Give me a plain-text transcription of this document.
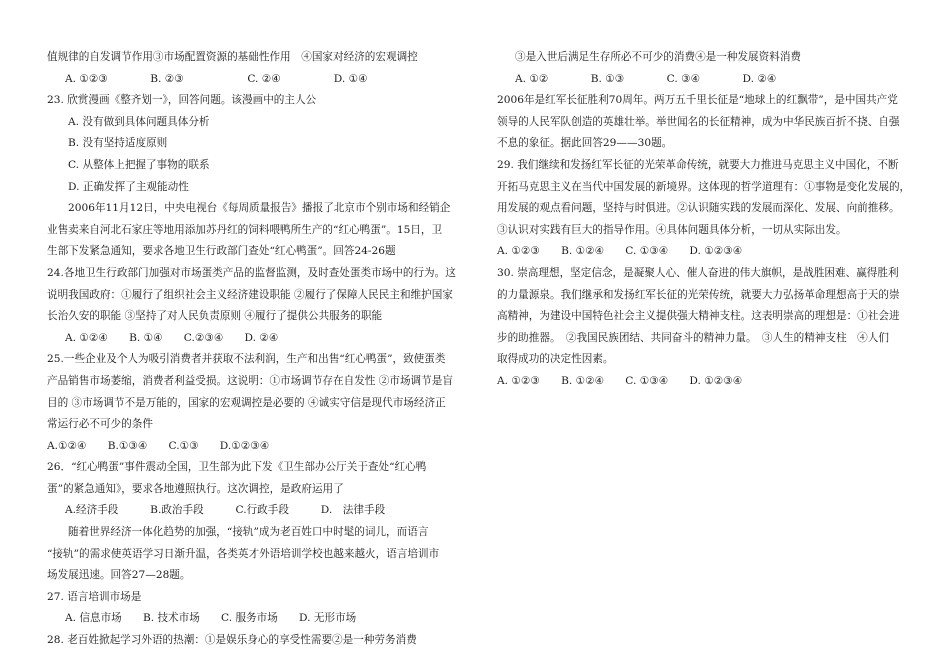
值规律的自发调节作用③市场配置资源的基础性作用　④国家对经济的宏观调控
A. ①②③　　　　B. ②③　　　　　　C. ②④　　　　　D. ①④
23. 欣赏漫画《整齐划一》，回答问题。该漫画中的主人公
A. 没有做到具体问题具体分析
B. 没有坚持适度原则
C. 从整体上把握了事物的联系
D. 正确发挥了主观能动性
2006年11月12日，中央电视台《每周质量报告》播报了北京市个别市场和经销企
业售卖来自河北石家庄等地用添加苏丹红的饲料喂鸭所生产的“红心鸭蛋”。15日，卫
生部下发紧急通知，要求各地卫生行政部门查处“红心鸭蛋”。回答24-26题
24.各地卫生行政部门加强对市场蛋类产品的监督监测，及时查处蛋类市场中的行为。这
说明我国政府：①履行了组织社会主义经济建设职能 ②履行了保障人民民主和维护国家
长治久安的职能 ③坚持了对人民负责原则 ④履行了提供公共服务的职能
A. ①②④　　B. ①④　　C.②③④　　D. ②④
25.一些企业及个人为吸引消费者并获取不法利润，生产和出售“红心鸭蛋”，致使蛋类
产品销售市场萎缩，消费者利益受损。这说明：①市场调节存在自发性 ②市场调节是盲
目的 ③市场调节不是万能的，国家的宏观调控是必要的 ④诚实守信是现代市场经济正
常运行必不可少的条件
A.①②④　　B.①③④　　C.①③　　D.①②③④
26．“红心鸭蛋”事件震动全国，卫生部为此下发《卫生部办公厅关于查处“红心鸭
蛋”的紧急通知》，要求各地遵照执行。这次调控，是政府运用了
A.经济手段　　　B.政治手段　　　C.行政手段　　　D.　法律手段
随着世界经济一体化趋势的加强，“接轨”成为老百姓口中时髦的词儿，而语言
“接轨”的需求使英语学习日渐升温，各类英才外语培训学校也越来越火，语言培训市
场发展迅速。回答27—28题。
27. 语言培训市场是
A. 信息市场　　B. 技术市场　　C. 服务市场　　D. 无形市场
28. 老百姓掀起学习外语的热潮：①是娱乐身心的享受性需要②是一种劳务消费
③是入世后满足生存所必不可少的消费④是一种发展资料消费
A. ①②　　　　B. ①③　　　　C. ③④　　　　D. ②④
2006年是红军长征胜利70周年。两万五千里长征是“地球上的红飘带”，是中国共产党
领导的人民军队创造的英雄壮举。举世闻名的长征精神，成为中华民族百折不挠、自强
不息的象征。据此回答29——30题。
29. 我们继续和发扬红军长征的光荣革命传统，就要大力推进马克思主义中国化，不断
开拓马克思主义在当代中国发展的新境界。这体现的哲学道理有：①事物是变化发展的，
用发展的观点看问题，坚持与时俱进。②认识随实践的发展而深化、发展、向前推移。
③认识对实践有巨大的指导作用。④具体问题具体分析，一切从实际出发。
A. ①②③　　B. ①②④　　C. ①③④　　D. ①②③④
30. 崇高理想，坚定信念，是凝聚人心、催人奋进的伟大旗帜，是战胜困难、赢得胜利
的力量源泉。我们继承和发扬红军长征的光荣传统，就要大力弘扬革命理想高于天的崇
高精神，为建设中国特色社会主义提供强大精神支柱。这表明崇高的理想是：①社会进
步的助推器。　②我国民族团结、共同奋斗的精神力量。　③人生的精神支柱　④人们
取得成功的决定性因素。
A. ①②③　　B. ①②④　　C. ①③④　　D. ①②③④
